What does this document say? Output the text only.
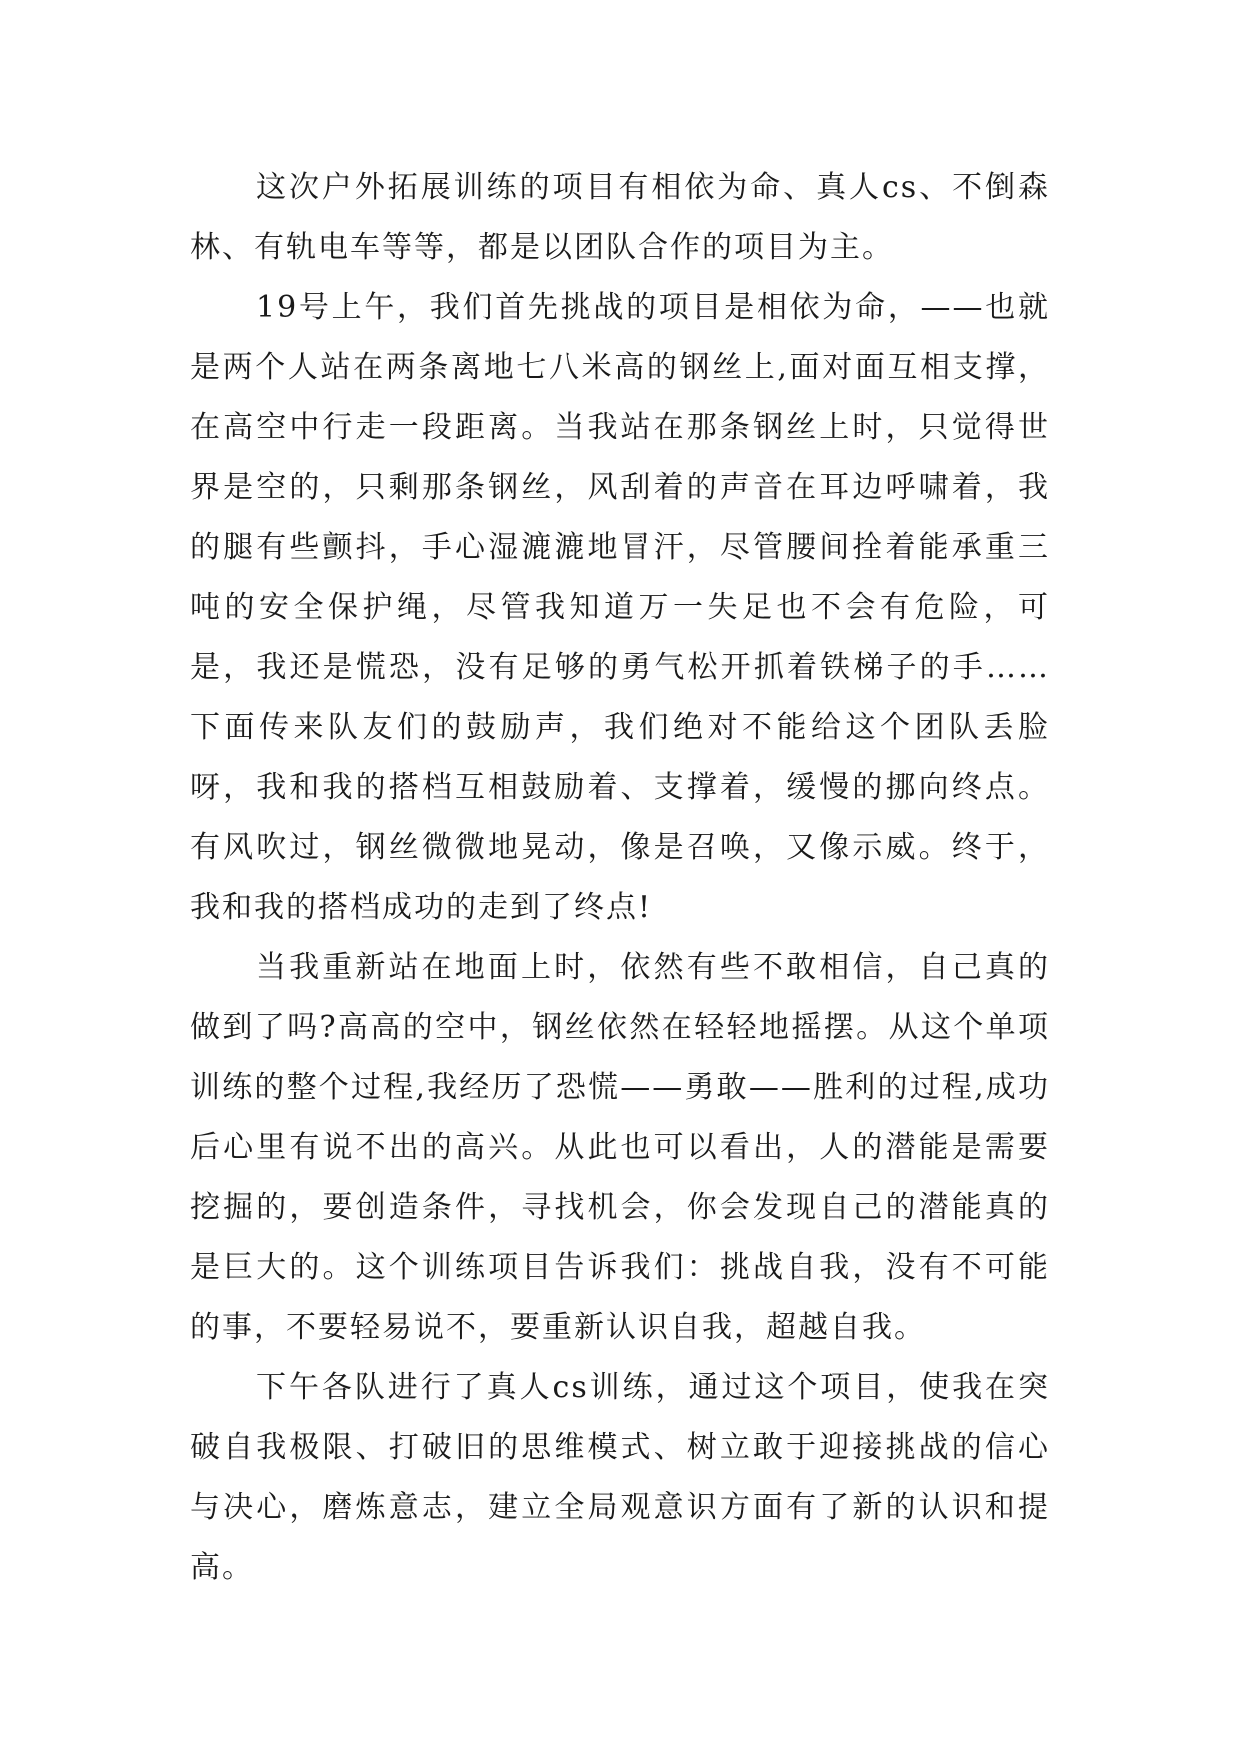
这次户外拓展训练的项目有相依为命、真人cs、不倒森林、有轨电车等等，都是以团队合作的项目为主。

19号上午，我们首先挑战的项目是相依为命，——也就是两个人站在两条离地七八米高的钢丝上,面对面互相支撑，在高空中行走一段距离。当我站在那条钢丝上时，只觉得世界是空的，只剩那条钢丝，风刮着的声音在耳边呼啸着，我的腿有些颤抖，手心湿漉漉地冒汗，尽管腰间拴着能承重三吨的安全保护绳，尽管我知道万一失足也不会有危险，可是，我还是慌恐，没有足够的勇气松开抓着铁梯子的手……下面传来队友们的鼓励声，我们绝对不能给这个团队丢脸呀，我和我的搭档互相鼓励着、支撑着，缓慢的挪向终点。有风吹过，钢丝微微地晃动，像是召唤，又像示威。终于，我和我的搭档成功的走到了终点!

当我重新站在地面上时，依然有些不敢相信，自己真的做到了吗?高高的空中，钢丝依然在轻轻地摇摆。从这个单项训练的整个过程,我经历了恐慌——勇敢——胜利的过程,成功后心里有说不出的高兴。从此也可以看出，人的潜能是需要挖掘的，要创造条件，寻找机会，你会发现自己的潜能真的是巨大的。这个训练项目告诉我们：挑战自我，没有不可能的事，不要轻易说不，要重新认识自我，超越自我。

下午各队进行了真人cs训练，通过这个项目，使我在突破自我极限、打破旧的思维模式、树立敢于迎接挑战的信心与决心，磨炼意志，建立全局观意识方面有了新的认识和提高。
